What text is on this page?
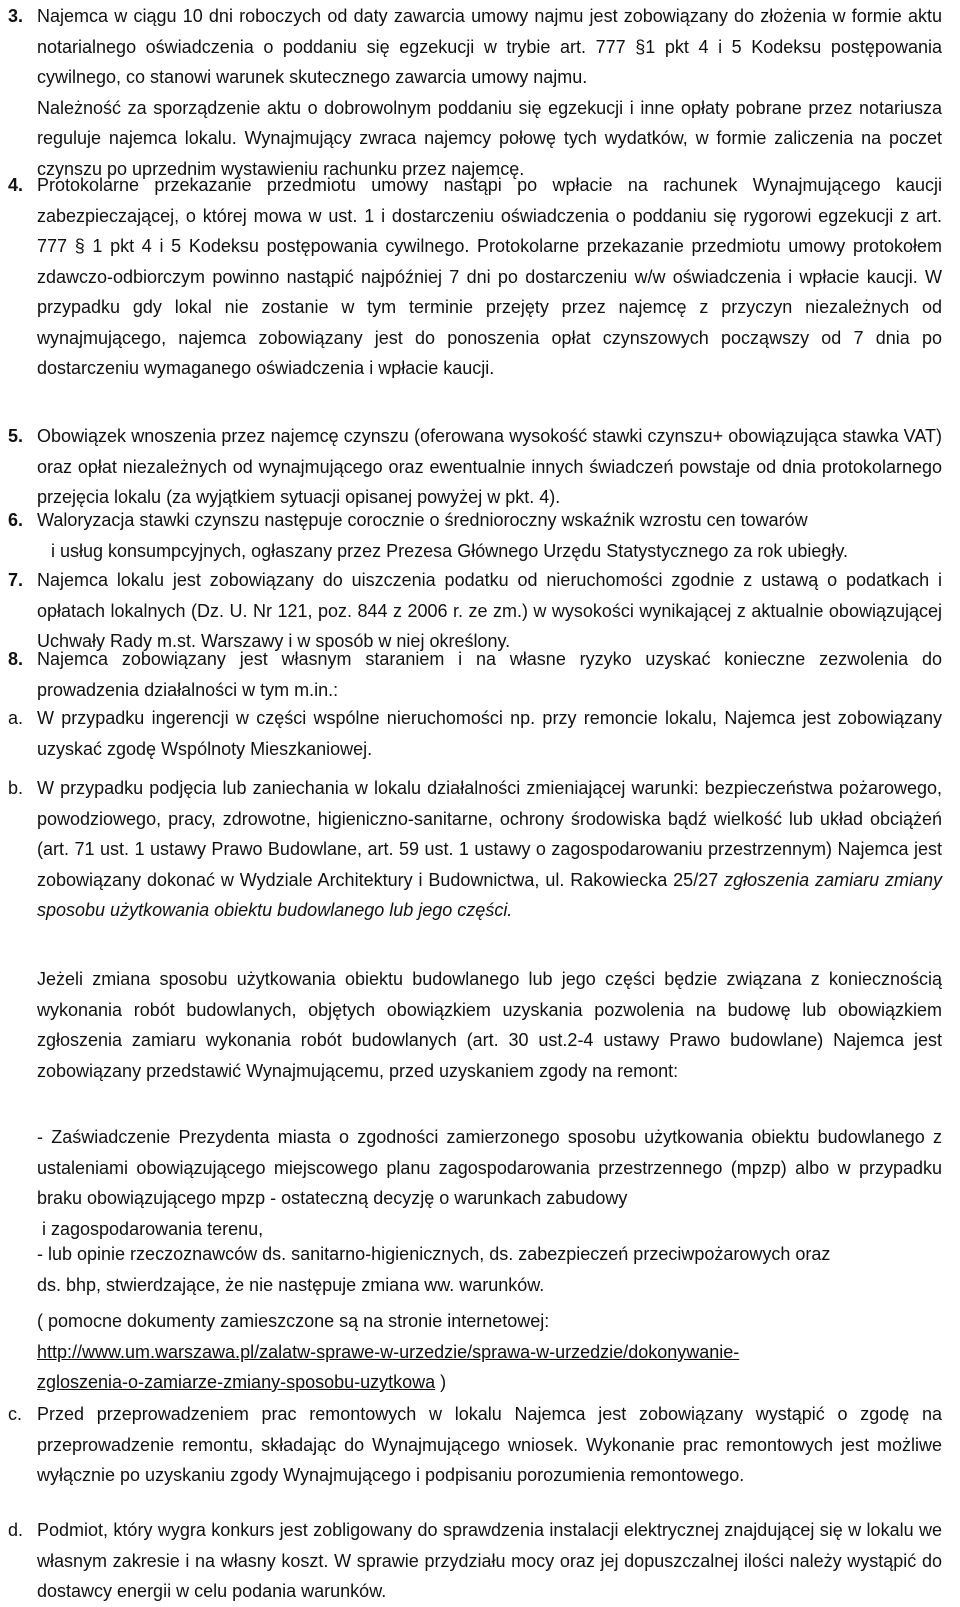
3. Najemca w ciągu 10 dni roboczych od daty zawarcia umowy najmu jest zobowiązany do złożenia w formie aktu notarialnego oświadczenia o poddaniu się egzekucji w trybie art. 777 §1 pkt 4 i 5 Kodeksu postępowania cywilnego, co stanowi warunek skutecznego zawarcia umowy najmu.
Należność za sporządzenie aktu o dobrowolnym poddaniu się egzekucji i inne opłaty pobrane przez notariusza reguluje najemca lokalu. Wynajmujący zwraca najemcy połowę tych wydatków, w formie zaliczenia na poczet czynszu po uprzednim wystawieniu rachunku przez najemcę.
4. Protokolarne przekazanie przedmiotu umowy nastąpi po wpłacie na rachunek Wynajmującego kaucji zabezpieczającej, o której mowa w ust. 1 i dostarczeniu oświadczenia o poddaniu się rygorowi egzekucji z art. 777 § 1 pkt 4 i 5 Kodeksu postępowania cywilnego. Protokolarne przekazanie przedmiotu umowy protokołem zdawczo-odbiorczym powinno nastąpić najpóźniej 7 dni po dostarczeniu w/w oświadczenia i wpłacie kaucji. W przypadku gdy lokal nie zostanie w tym terminie przejęty przez najemcę z przyczyn niezależnych od wynajmującego, najemca zobowiązany jest do ponoszenia opłat czynszowych począwszy od 7 dnia po dostarczeniu wymaganego oświadczenia i wpłacie kaucji.
5. Obowiązek wnoszenia przez najemcę czynszu (oferowana wysokość stawki czynszu+ obowiązująca stawka VAT) oraz opłat niezależnych od wynajmującego oraz ewentualnie innych świadczeń powstaje od dnia protokolarnego przejęcia lokalu (za wyjątkiem sytuacji opisanej powyżej w pkt. 4).
6. Waloryzacja stawki czynszu następuje corocznie o średnioroczny wskaźnik wzrostu cen towarów
i usług konsumpcyjnych, ogłaszany przez Prezesa Głównego Urzędu Statystycznego za rok ubiegły.
7. Najemca lokalu jest zobowiązany do uiszczenia podatku od nieruchomości zgodnie z ustawą o podatkach i opłatach lokalnych (Dz. U. Nr 121, poz. 844 z 2006 r. ze zm.) w wysokości wynikającej z aktualnie obowiązującej Uchwały Rady m.st. Warszawy i w sposób w niej określony.
8. Najemca zobowiązany jest własnym staraniem i na własne ryzyko uzyskać konieczne zezwolenia do prowadzenia działalności w tym m.in.:
a. W przypadku ingerencji w części wspólne nieruchomości np. przy remoncie lokalu, Najemca jest zobowiązany uzyskać zgodę Wspólnoty Mieszkaniowej.
b. W przypadku podjęcia lub zaniechania w lokalu działalności zmieniającej warunki: bezpieczeństwa pożarowego, powodziowego, pracy, zdrowotne, higieniczno-sanitarne, ochrony środowiska bądź wielkość lub układ obciążeń (art. 71 ust. 1 ustawy Prawo Budowlane, art. 59 ust. 1 ustawy o zagospodarowaniu przestrzennym) Najemca jest zobowiązany dokonać w Wydziale Architektury i Budownictwa, ul. Rakowiecka 25/27 zgłoszenia zamiaru zmiany sposobu użytkowania obiektu budowlanego lub jego części.
Jeżeli zmiana sposobu użytkowania obiektu budowlanego lub jego części będzie związana z koniecznością wykonania robót budowlanych, objętych obowiązkiem uzyskania pozwolenia na budowę lub obowiązkiem zgłoszenia zamiaru wykonania robót budowlanych (art. 30 ust.2-4 ustawy Prawo budowlane) Najemca jest zobowiązany przedstawić Wynajmującemu, przed uzyskaniem zgody na remont:
- Zaświadczenie Prezydenta miasta o zgodności zamierzonego sposobu użytkowania obiektu budowlanego z ustaleniami obowiązującego miejscowego planu zagospodarowania przestrzennego (mpzp) albo w przypadku braku obowiązującego mpzp - ostateczną decyzję o warunkach zabudowy
i zagospodarowania terenu,
- lub opinie rzeczoznawców ds. sanitarno-higienicznych, ds. zabezpieczeń przeciwpożarowych oraz
ds. bhp, stwierdzające, że nie następuje zmiana ww. warunków.
( pomocne dokumenty zamieszczone są na stronie internetowej:
http://www.um.warszawa.pl/zalatw-sprawe-w-urzedzie/sprawa-w-urzedzie/dokonywanie-
zgloszenia-o-zamiarze-zmiany-sposobu-uzytkowa )
c. Przed przeprowadzeniem prac remontowych w lokalu Najemca jest zobowiązany wystąpić o zgodę na przeprowadzenie remontu, składając do Wynajmującego wniosek. Wykonanie prac remontowych jest możliwe wyłącznie po uzyskaniu zgody Wynajmującego i podpisaniu porozumienia remontowego.
d. Podmiot, który wygra konkurs jest zobligowany do sprawdzenia instalacji elektrycznej znajdującej się w lokalu we własnym zakresie i na własny koszt. W sprawie przydziału mocy oraz jej dopuszczalnej ilości należy wystąpić do dostawcy energii w celu podania warunków.
